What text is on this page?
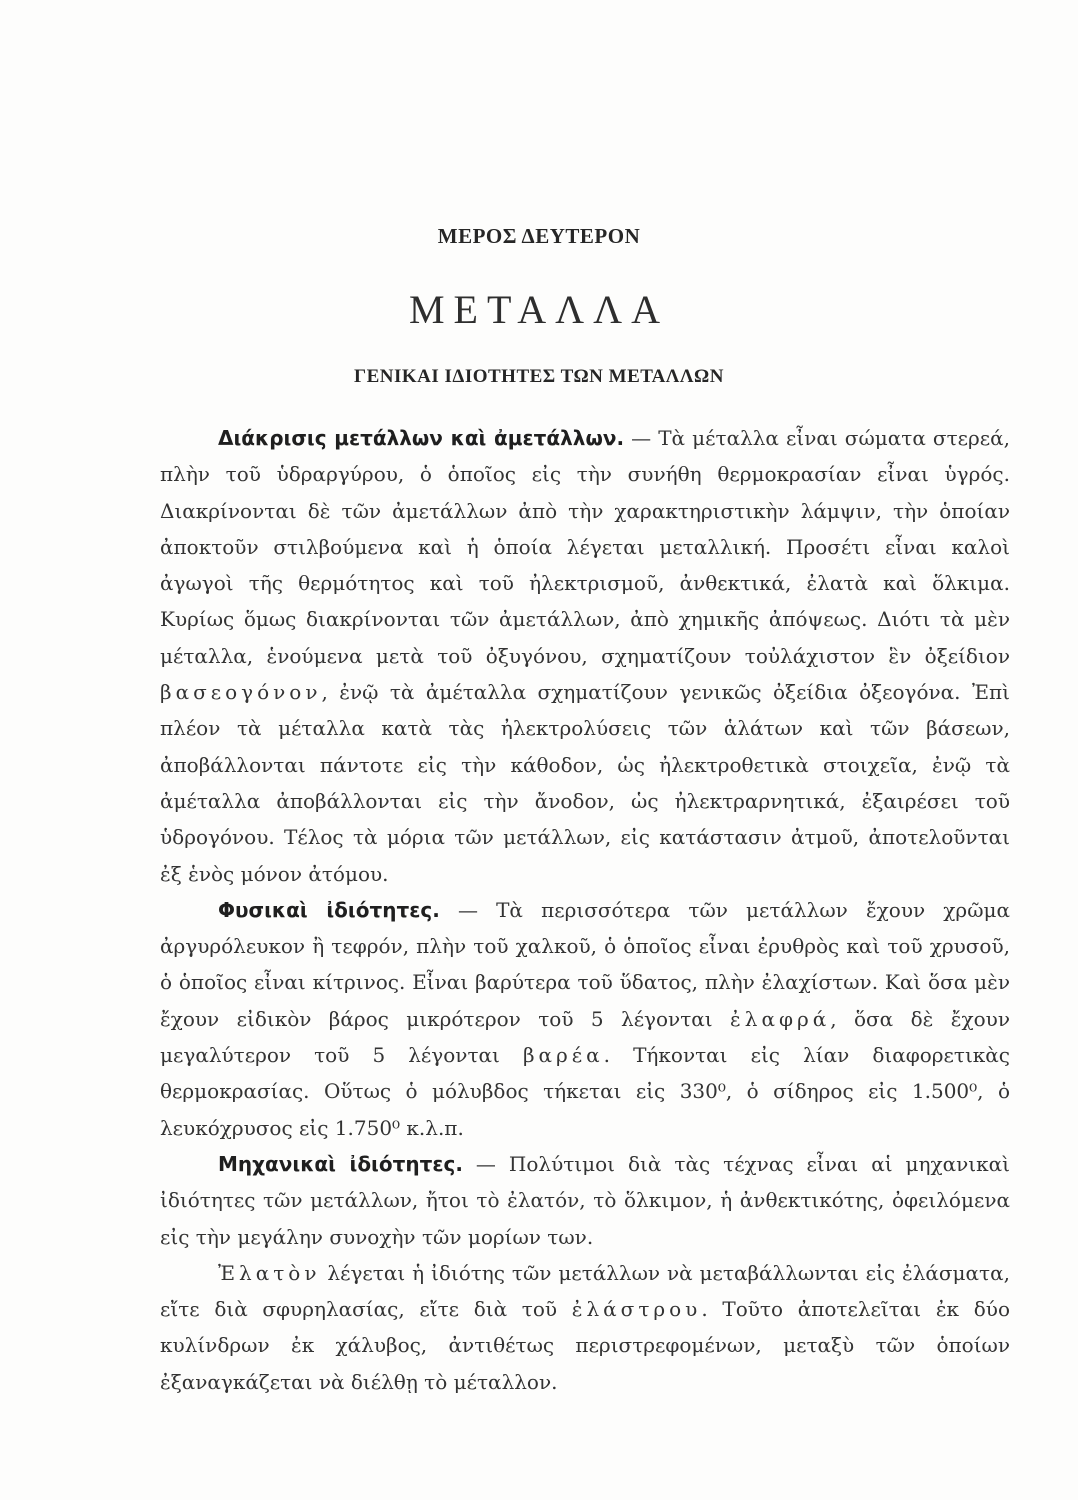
ΜΕΡΟΣ ΔΕΥΤΕΡΟΝ
ΜΕΤΑΛΛΑ
ΓΕΝΙΚΑΙ ΙΔΙΟΤΗΤΕΣ ΤΩΝ ΜΕΤΑΛΛΩΝ

Διάκρισις μετάλλων καὶ ἀμετάλλων. — Τὰ μέταλλα εἶναι σώματα στερεά, πλὴν τοῦ ὑδραργύρου, ὁ ὁποῖος εἰς τὴν συνήθη θερμοκρασίαν εἶναι ὑγρός. Διακρίνονται δὲ τῶν ἀμετάλλων ἀπὸ τὴν χαρακτηριστικὴν λάμψιν, τὴν ὁποίαν ἀποκτοῦν στιλβούμενα καὶ ἡ ὁποία λέγεται μεταλλική. Προσέτι εἶναι καλοὶ ἀγωγοὶ τῆς θερμότητος καὶ τοῦ ἠλεκτρισμοῦ, ἀνθεκτικά, ἐλατὰ καὶ ὅλκιμα. Κυρίως ὅμως διακρίνονται τῶν ἀμετάλλων, ἀπὸ χημικῆς ἀπόψεως. Διότι τὰ μὲν μέταλλα, ἑνούμενα μετὰ τοῦ ὀξυγόνου, σχηματίζουν τοὐλάχιστον ἓν ὀξείδιον βασεογόνον, ἐνῷ τὰ ἀμέταλλα σχηματίζουν γενικῶς ὀξείδια ὀξεογόνα. Ἐπὶ πλέον τὰ μέταλλα κατὰ τὰς ἠλεκτρολύσεις τῶν ἁλάτων καὶ τῶν βάσεων, ἀποβάλλονται πάντοτε εἰς τὴν κάθοδον, ὡς ἠλεκτροθετικὰ στοιχεῖα, ἐνῷ τὰ ἀμέταλλα ἀποβάλλονται εἰς τὴν ἄνοδον, ὡς ἠλεκτραρνητικά, ἐξαιρέσει τοῦ ὑδρογόνου. Τέλος τὰ μόρια τῶν μετάλλων, εἰς κατάστασιν ἀτμοῦ, ἀποτελοῦνται ἐξ ἑνὸς μόνον ἀτόμου.

Φυσικαὶ ἰδιότητες. — Τὰ περισσότερα τῶν μετάλλων ἔχουν χρῶμα ἀργυρόλευκον ἢ τεφρόν, πλὴν τοῦ χαλκοῦ, ὁ ὁποῖος εἶναι ἐρυθρὸς καὶ τοῦ χρυσοῦ, ὁ ὁποῖος εἶναι κίτρινος. Εἶναι βαρύτερα τοῦ ὕδατος, πλὴν ἐλαχίστων. Καὶ ὅσα μὲν ἔχουν εἰδικὸν βάρος μικρότερον τοῦ 5 λέγονται ἐλαφρά, ὅσα δὲ ἔχουν μεγαλύτερον τοῦ 5 λέγονται βαρέα. Τήκονται εἰς λίαν διαφορετικὰς θερμοκρασίας. Οὕτως ὁ μόλυβδος τήκεται εἰς 330⁰, ὁ σίδηρος εἰς 1.500⁰, ὁ λευκόχρυσος εἰς 1.750⁰ κ.λ.π.

Μηχανικαὶ ἰδιότητες. — Πολύτιμοι διὰ τὰς τέχνας εἶναι αἱ μηχανικαὶ ἰδιότητες τῶν μετάλλων, ἤτοι τὸ ἐλατόν, τὸ ὅλκιμον, ἡ ἀνθεκτικότης, ὀφειλόμενα εἰς τὴν μεγάλην συνοχὴν τῶν μορίων των.

Ἐλατὸν λέγεται ἡ ἰδιότης τῶν μετάλλων νὰ μεταβάλλωνται εἰς ἐλάσματα, εἴτε διὰ σφυρηλασίας, εἴτε διὰ τοῦ ἐλάστρου. Τοῦτο ἀποτελεῖται ἐκ δύο κυλίνδρων ἐκ χάλυβος, ἀντιθέτως περιστρεφομένων, μεταξὺ τῶν ὁποίων ἐξαναγκάζεται νὰ διέλθῃ τὸ μέταλλον.
